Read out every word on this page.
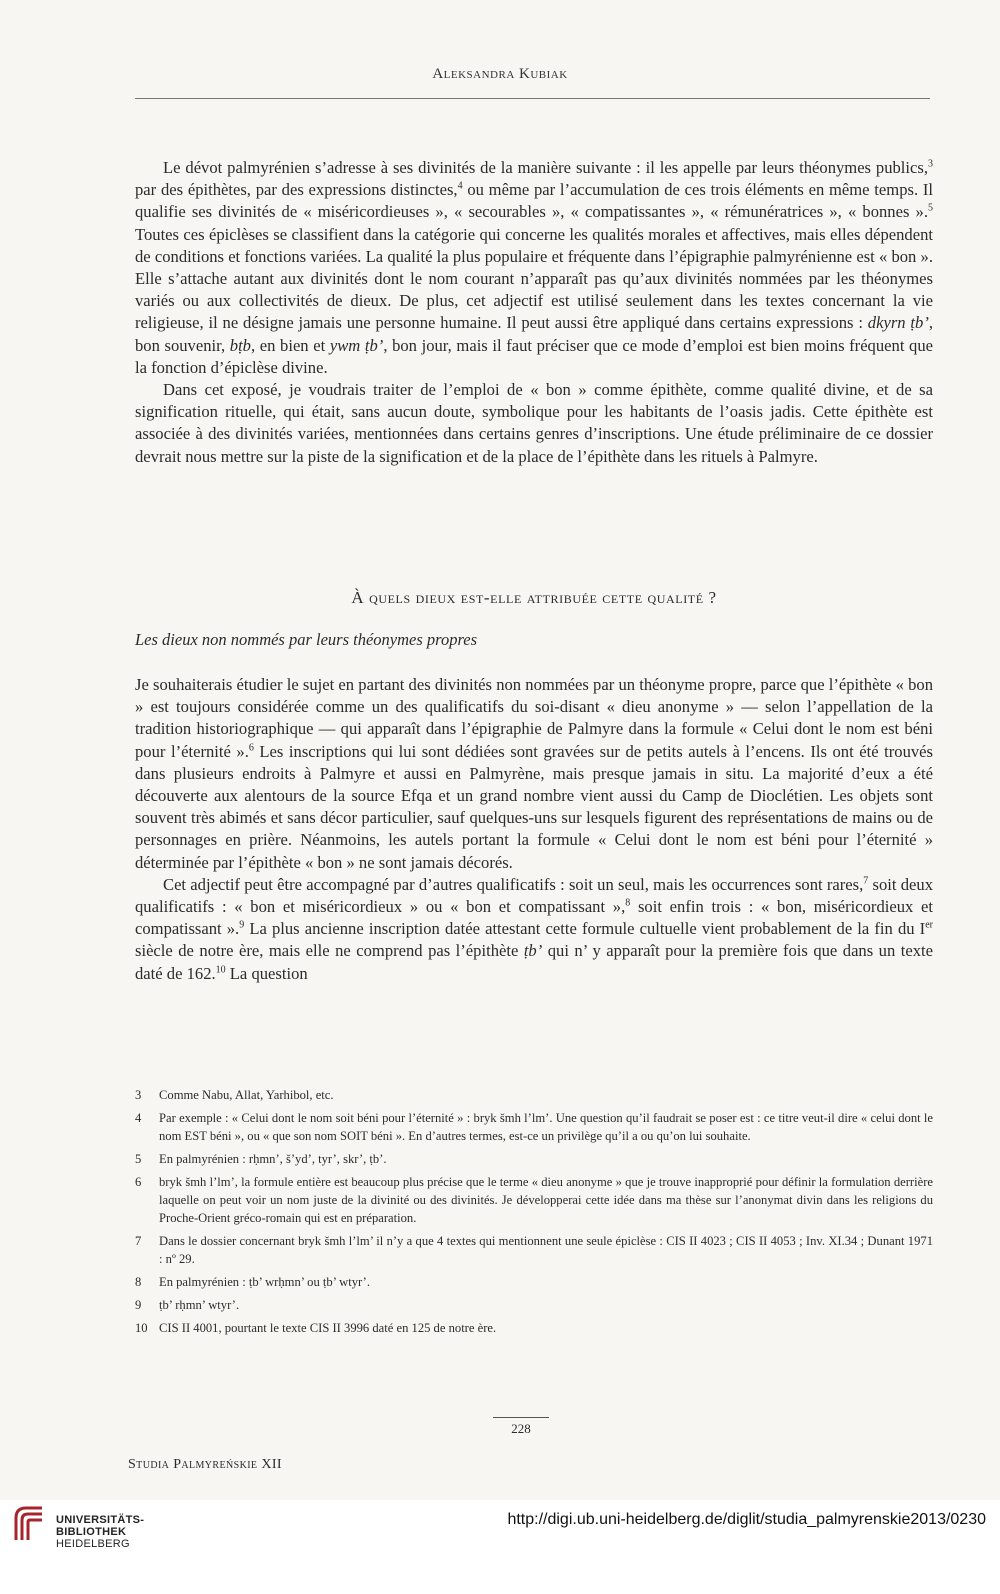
Aleksandra Kubiak

Le dévot palmyrénien s’adresse à ses divinités de la manière suivante : il les appelle par leurs théonymes publics,$^3$ par des épithètes, par des expressions distinctes,$^4$ ou même par l’accumulation de ces trois éléments en même temps. Il qualifie ses divinités de « miséricordieuses », « secourables », « compatissantes », « rémunératrices », « bonnes ».$^5$ Toutes ces épiclèses se classifient dans la catégorie qui concerne les qualités morales et affectives, mais elles dépendent de conditions et fonctions variées. La qualité la plus populaire et fréquente dans l’épigraphie palmyrénienne est « bon ». Elle s’attache autant aux divinités dont le nom courant n’apparaît pas qu’aux divinités nommées par les théonymes variés ou aux collectivités de dieux. De plus, cet adjectif est utilisé seulement dans les textes concernant la vie religieuse, il ne désigne jamais une personne humaine. Il peut aussi être appliqué dans certains expressions : dkyrn ṭb’, bon souvenir, bṭb, en bien et ywm ṭb’, bon jour, mais il faut préciser que ce mode d’emploi est bien moins fréquent que la fonction d’épiclèse divine.

Dans cet exposé, je voudrais traiter de l’emploi de « bon » comme épithète, comme qualité divine, et de sa signification rituelle, qui était, sans aucun doute, symbolique pour les habitants de l’oasis jadis. Cette épithète est associée à des divinités variées, mentionnées dans certains genres d’inscriptions. Une étude préliminaire de ce dossier devrait nous mettre sur la piste de la signification et de la place de l’épithète dans les rituels à Palmyre.

À quels dieux est-elle attribuée cette qualité ?
Les dieux non nommés par leurs théonymes propres

Je souhaiterais étudier le sujet en partant des divinités non nommées par un théonyme propre, parce que l’épithète « bon » est toujours considérée comme un des qualificatifs du soi-disant « dieu anonyme » — selon l’appellation de la tradition historiographique — qui apparaît dans l’épigraphie de Palmyre dans la formule « Celui dont le nom est béni pour l’éternité ».$^6$ Les inscriptions qui lui sont dédiées sont gravées sur de petits autels à l’encens. Ils ont été trouvés dans plusieurs endroits à Palmyre et aussi en Palmyrène, mais presque jamais in situ. La majorité d’eux a été découverte aux alentours de la source Efqa et un grand nombre vient aussi du Camp de Dioclétien. Les objets sont souvent très abimés et sans décor particulier, sauf quelques-uns sur lesquels figurent des représentations de mains ou de personnages en prière. Néanmoins, les autels portant la formule « Celui dont le nom est béni pour l’éternité » déterminée par l’épithète « bon » ne sont jamais décorés.

Cet adjectif peut être accompagné par d’autres qualificatifs : soit un seul, mais les occurrences sont rares,$^7$ soit deux qualificatifs : « bon et miséricordieux » ou « bon et compatissant »,$^8$ soit enfin trois : « bon, miséricordieux et compatissant ».$^9$ La plus ancienne inscription datée attestant cette formule cultuelle vient probablement de la fin du Ier siècle de notre ère, mais elle ne comprend pas l’épithète ṭb’ qui n’ y apparaît pour la première fois que dans un texte daté de 162.10 La question

3	Comme Nabu, Allat, Yarhibol, etc.
4	Par exemple : « Celui dont le nom soit béni pour l’éternité » : bryk šmh l’lm’. Une question qu’il faudrait se poser est : ce titre veut-il dire « celui dont le nom EST béni », ou « que son nom SOIT béni ». En d’autres termes, est-ce un privilège qu’il a ou qu’on lui souhaite.
5	En palmyrénien : rḥmn’, š’yd’, tyr’, skr’, ṭb’.
6	bryk šmh l’lm’, la formule entière est beaucoup plus précise que le terme « dieu anonyme » que je trouve inapproprié pour définir la formulation derrière laquelle on peut voir un nom juste de la divinité ou des divinités. Je développerai cette idée dans ma thèse sur l’anonymat divin dans les religions du Proche-Orient gréco-romain qui est en préparation.
7	Dans le dossier concernant bryk šmh l’lm’ il n’y a que 4 textes qui mentionnent une seule épiclèse : CIS II 4023 ; CIS II 4053 ; Inv. XI.34 ; Dunant 1971 : nº 29.
8	En palmyrénien : ṭb’ wrḥmn’ ou ṭb’ wtyr’.
9	ṭb’ rḥmn’ wtyr’.
10 CIS II 4001, pourtant le texte CIS II 3996 daté en 125 de notre ère.
228
Studia Palmyreńskie XII
UNIVERSITÄTS-
BIBLIOTHEK
HEIDELBERG
http://digi.ub.uni-heidelberg.de/diglit/studia_palmyrenskie2013/0230
